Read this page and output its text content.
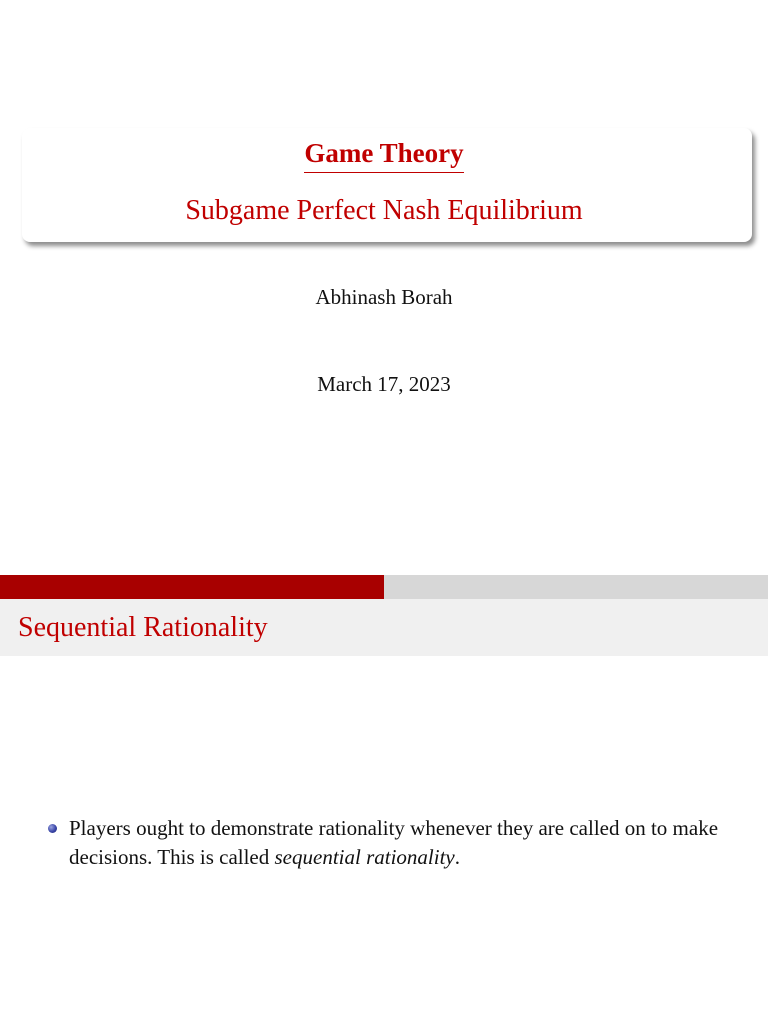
Game Theory
Subgame Perfect Nash Equilibrium
Abhinash Borah
March 17, 2023
Sequential Rationality
Players ought to demonstrate rationality whenever they are called on to make decisions. This is called sequential rationality.
